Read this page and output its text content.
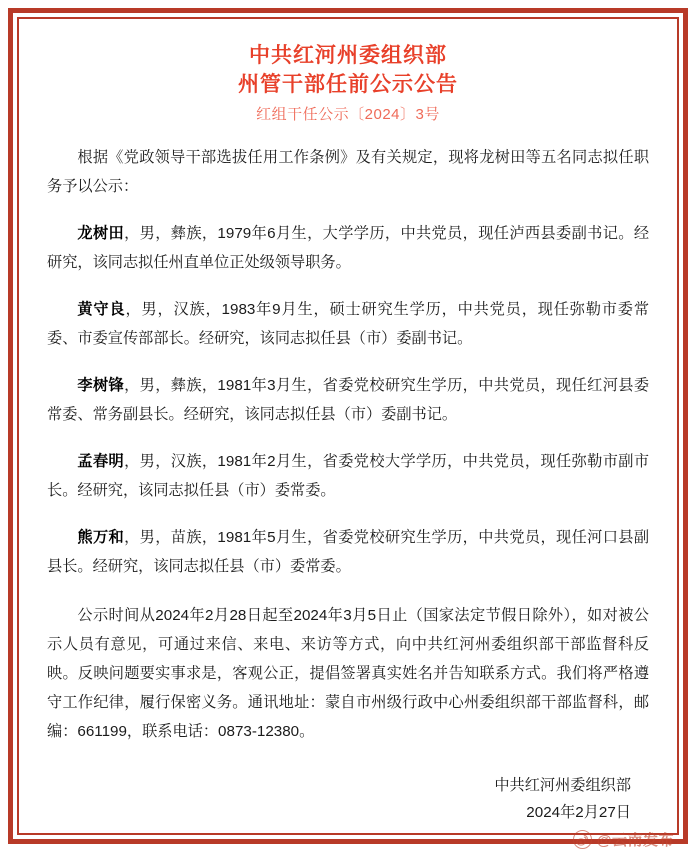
中共红河州委组织部
州管干部任前公示公告
红组干任公示〔2024〕3号

根据《党政领导干部选拔任用工作条例》及有关规定，现将龙树田等五名同志拟任职务予以公示：

龙树田，男，彝族，1979年6月生，大学学历，中共党员，现任泸西县委副书记。经研究，该同志拟任州直单位正处级领导职务。

黄守良，男，汉族，1983年9月生，硕士研究生学历，中共党员，现任弥勒市委常委、市委宣传部部长。经研究，该同志拟任县（市）委副书记。

李树锋，男，彝族，1981年3月生，省委党校研究生学历，中共党员，现任红河县委常委、常务副县长。经研究，该同志拟任县（市）委副书记。

孟春明，男，汉族，1981年2月生，省委党校大学学历，中共党员，现任弥勒市副市长。经研究，该同志拟任县（市）委常委。

熊万和，男，苗族，1981年5月生，省委党校研究生学历，中共党员，现任河口县副县长。经研究，该同志拟任县（市）委常委。

公示时间从2024年2月28日起至2024年3月5日止（国家法定节假日除外），如对被公示人员有意见，可通过来信、来电、来访等方式，向中共红河州委组织部干部监督科反映。反映问题要实事求是，客观公正，提倡签署真实姓名并告知联系方式。我们将严格遵守工作纪律，履行保密义务。通讯地址：蒙自市州级行政中心州委组织部干部监督科，邮编：661199，联系电话：0873-12380。

中共红河州委组织部
2024年2月27日
@云南发布
